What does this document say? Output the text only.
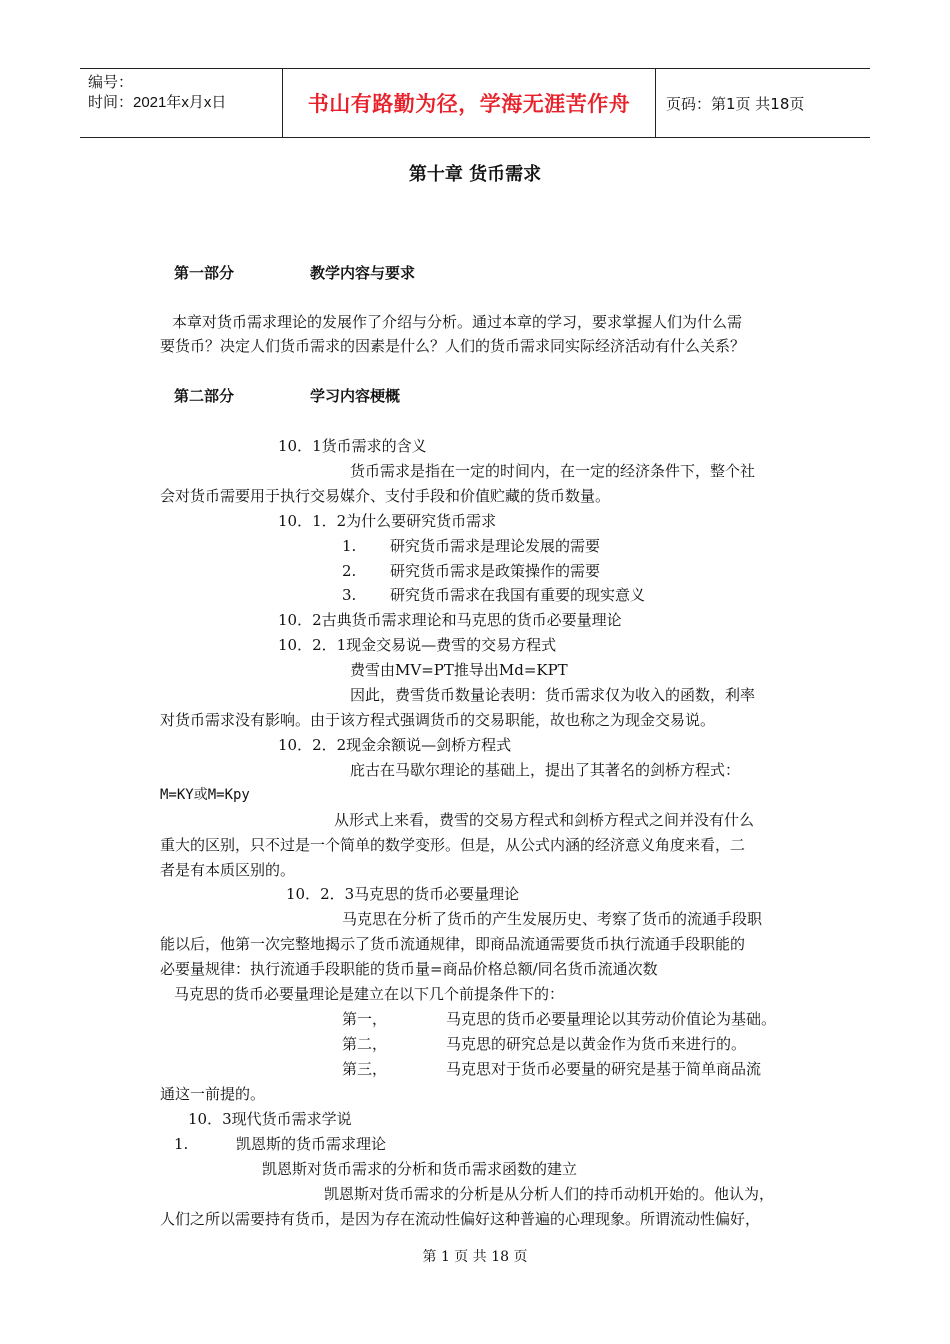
编号：
时间：2021年x月x日	书山有路勤为径，学海无涯苦作舟 页码：第1页 共18页
第十章 货币需求
第一部分	教学内容与要求
本章对货币需求理论的发展作了介绍与分析。通过本章的学习，要求掌握人们为什么需
要货币？决定人们货币需求的因素是什么？人们的货币需求同实际经济活动有什么关系？
第二部分	学习内容梗概
10．1货币需求的含义
货币需求是指在一定的时间内，在一定的经济条件下，整个社
会对货币需要用于执行交易媒介、支付手段和价值贮藏的货币数量。
10．1．2为什么要研究货币需求
1. 研究货币需求是理论发展的需要
2. 研究货币需求是政策操作的需要
3. 研究货币需求在我国有重要的现实意义
10．2古典货币需求理论和马克思的货币必要量理论
10．2．1现金交易说—费雪的交易方程式
费雪由MV=PT推导出Md=KPT
因此，费雪货币数量论表明：货币需求仅为收入的函数，利率
对货币需求没有影响。由于该方程式强调货币的交易职能，故也称之为现金交易说。
10．2．2现金余额说—剑桥方程式
庇古在马歇尔理论的基础上，提出了其著名的剑桥方程式：
M=KY或M=Kpy
从形式上来看，费雪的交易方程式和剑桥方程式之间并没有什么
重大的区别，只不过是一个简单的数学变形。但是，从公式内涵的经济意义角度来看，二
者是有本质区别的。
10．2．3马克思的货币必要量理论
马克思在分析了货币的产生发展历史、考察了货币的流通手段职
能以后，他第一次完整地揭示了货币流通规律，即商品流通需要货币执行流通手段职能的
必要量规律：执行流通手段职能的货币量=商品价格总额/同名货币流通次数
马克思的货币必要量理论是建立在以下几个前提条件下的：
第一，	马克思的货币必要量理论以其劳动价值论为基础。
第二，	马克思的研究总是以黄金作为货币来进行的。
第三，	马克思对于货币必要量的研究是基于简单商品流
通这一前提的。
10．3现代货币需求学说
1.	凯恩斯的货币需求理论
凯恩斯对货币需求的分析和货币需求函数的建立
凯恩斯对货币需求的分析是从分析人们的持币动机开始的。他认为，
人们之所以需要持有货币，是因为存在流动性偏好这种普遍的心理现象。所谓流动性偏好，
第 1 页 共 18 页
